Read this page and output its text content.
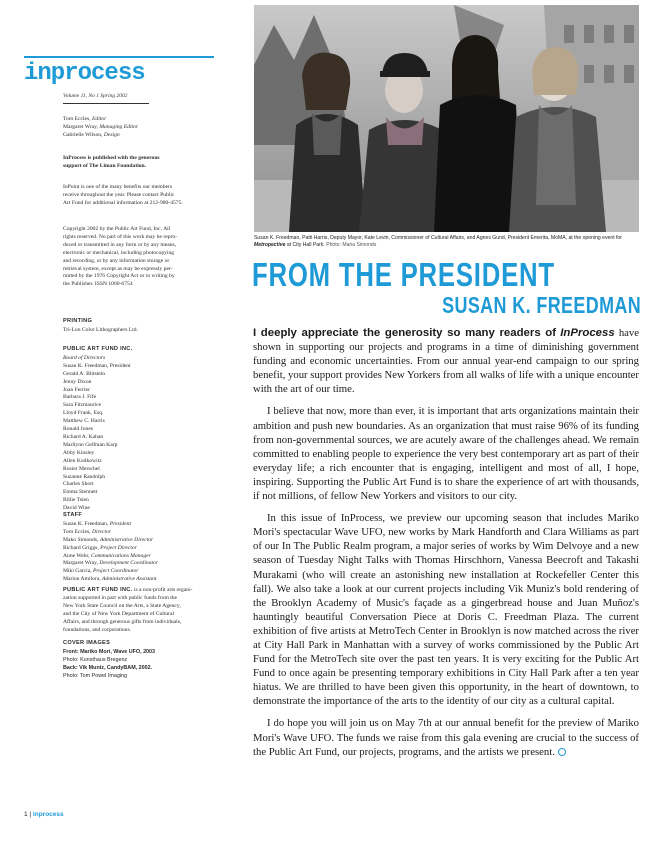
inprocess
Volume 11, No 1 Spring 2002
Tom Eccles, Editor
Margaret Wray, Managing Editor
Gabrielle Wilson, Design
InProcess is published with the generous
support of The Liman Foundation.
InPoint is one of the many benefits our members
receive throughout the year. Please contact Public
Art Fund for additional information at 212-980-4575.
Copyright 2002 by the Public Art Fund, Inc. All
rights reserved. No part of this work may be repro-
duced or transmitted in any form or by any means,
electronic or mechanical, including photocopying
and recording, or by any information storage or
retrieval system, except as may be expressly per-
mitted by the 1976 Copyright Act or in writing by
the Publisher. ISSN 1060-6754
PRINTING
Tri-Lon Color Lithographers Ltd.
PUBLIC ART FUND INC.
Board of Directors
Susan K. Freedman, President
Gerald A. Blitstein
Jenny Dixon
Joan Ferrier
Barbara J. Fife
Sara Fitzmaurice
Lloyd Frank, Esq.
Matthew C. Harris
Ronald Jones
Richard A. Kahan
Marilynn Gelfman Karp
Abby Kinsley
Allen Kodkowitz
Rosier Merschel
Suzanne Randolph
Charles Short
Emma Stennett
Billie Tsien
David Wine
STAFF
Susan K. Freedman, President
Tom Eccles, Director
Mako Simonds, Administrative Director
Richard Griggs, Project Director
Anne Wehr, Communications Manager
Margaret Wray, Development Coordinator
Miki Garcia, Project Coordinator
Marion Amilora, Administrative Assistant
PUBLIC ART FUND INC. is a non-profit arts organi-
zation supported in part with public funds from the
New York State Council on the Arts, a State Agency,
and the City of New York Department of Cultural
Affairs, and through generous gifts from individuals,
foundations, and corporations.
COVER IMAGES
Front: Mariko Mori, Wave UFO, 2003
Photo: Kunsthaus Bregenz
Back: Vik Muniz, CandyBAM, 2002.
Photo: Tom Powel Imaging
Susan K. Freedman, Patti Harris, Deputy Mayor, Kate Levin, Commissioner of Cultural Affairs, and Agnes Gund, President Emerita, MoMA, at the opening event for Metropective at City Hall Park. Photo: Maria Simonds
FROM THE PRESIDENT
SUSAN K. FREEDMAN

I deeply appreciate the generosity so many readers of InProcess have shown in supporting our projects and programs in a time of diminishing government funding and economic uncertainties. From our annual year-end campaign to our spring benefit, your support provides New Yorkers from all walks of life with a unique encounter with the art of our time.

I believe that now, more than ever, it is important that arts organizations maintain their ambition and push new boundaries. As an organization that must raise 96% of its funding from non-governmental sources, we are acutely aware of the challenges ahead. We remain committed to enabling people to experience the very best contemporary art as part of their everyday life; a rich encounter that is engaging, intelligent and most of all, I hope, inspiring. Supporting the Public Art Fund is to share the experience of art with thousands, if not millions, of fellow New Yorkers and visitors to our city.

In this issue of InProcess, we preview our upcoming season that includes Mariko Mori's spectacular Wave UFO, new works by Mark Handforth and Clara Williams as part of our In The Public Realm program, a major series of works by Wim Delvoye and a new season of Tuesday Night Talks with Thomas Hirschhorn, Vanessa Beecroft and Takashi Murakami (who will create an astonishing new installation at Rockefeller Center this fall). We also take a look at our current projects including Vik Muniz's bold rendering of the Brooklyn Academy of Music's façade as a gingerbread house and Juan Muñoz's hauntingly beautiful Conversation Piece at Doris C. Freedman Plaza. The current exhibition of five artists at MetroTech Center in Brooklyn is now matched across the river at City Hall Park in Manhattan with a survey of works commissioned by the Public Art Fund for the MetroTech site over the past ten years. It is very exciting for the Public Art Fund to once again be presenting temporary exhibitions in City Hall Park after a ten year hiatus. We are thrilled to have been given this opportunity, in the heart of downtown, to demonstrate the importance of the arts to the identity of our city as a cultural capital.

I do hope you will join us on May 7th at our annual benefit for the preview of Mariko Mori's Wave UFO. The funds we raise from this gala evening are crucial to the success of the Public Art Fund, our projects, programs, and the artists we present.

1 | inprocess
